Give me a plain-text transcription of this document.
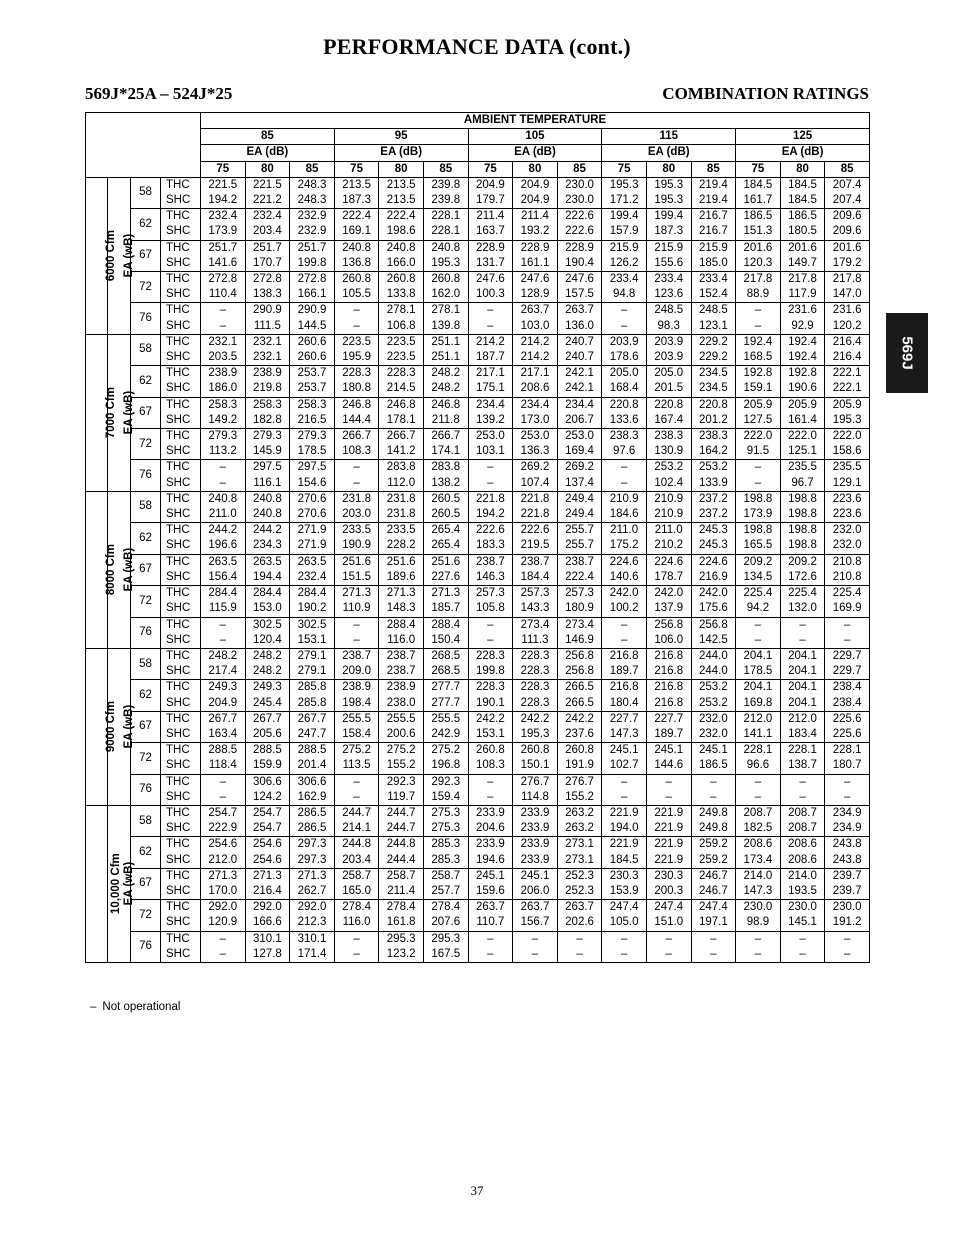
PERFORMANCE DATA (cont.)
569J*25A – 524J*25	COMBINATION RATINGS
569J
				AMBIENT TEMPERATURE														
				85			95			105			115			125		
				EA (dB)			EA (dB)			EA (dB)			EA (dB)			EA (dB)		
				75	80	85	75	80	85	75	80	85	75	80	85	75	80	85
6000 Cfm	EA (wB)	58	THC	221.5	221.5	248.3	213.5	213.5	239.8	204.9	204.9	230.0	195.3	195.3	219.4	184.5	184.5	207.4
			SHC	194.2	221.2	248.3	187.3	213.5	239.8	179.7	204.9	230.0	171.2	195.3	219.4	161.7	184.5	207.4
		62	THC	232.4	232.4	232.9	222.4	222.4	228.1	211.4	211.4	222.6	199.4	199.4	216.7	186.5	186.5	209.6
			SHC	173.9	203.4	232.9	169.1	198.6	228.1	163.7	193.2	222.6	157.9	187.3	216.7	151.3	180.5	209.6
		67	THC	251.7	251.7	251.7	240.8	240.8	240.8	228.9	228.9	228.9	215.9	215.9	215.9	201.6	201.6	201.6
			SHC	141.6	170.7	199.8	136.8	166.0	195.3	131.7	161.1	190.4	126.2	155.6	185.0	120.3	149.7	179.2
		72	THC	272.8	272.8	272.8	260.8	260.8	260.8	247.6	247.6	247.6	233.4	233.4	233.4	217.8	217.8	217.8
			SHC	110.4	138.3	166.1	105.5	133.8	162.0	100.3	128.9	157.5	94.8	123.6	152.4	88.9	117.9	147.0
		76	THC	–	290.9	290.9	–	278.1	278.1	–	263.7	263.7	–	248.5	248.5	–	231.6	231.6
			SHC	–	111.5	144.5	–	106.8	139.8	–	103.0	136.0	–	98.3	123.1	–	92.9	120.2
7000 Cfm	EA (wB)	58	THC	232.1	232.1	260.6	223.5	223.5	251.1	214.2	214.2	240.7	203.9	203.9	229.2	192.4	192.4	216.4
			SHC	203.5	232.1	260.6	195.9	223.5	251.1	187.7	214.2	240.7	178.6	203.9	229.2	168.5	192.4	216.4
		62	THC	238.9	238.9	253.7	228.3	228.3	248.2	217.1	217.1	242.1	205.0	205.0	234.5	192.8	192.8	222.1
			SHC	186.0	219.8	253.7	180.8	214.5	248.2	175.1	208.6	242.1	168.4	201.5	234.5	159.1	190.6	222.1
		67	THC	258.3	258.3	258.3	246.8	246.8	246.8	234.4	234.4	234.4	220.8	220.8	220.8	205.9	205.9	205.9
			SHC	149.2	182.8	216.5	144.4	178.1	211.8	139.2	173.0	206.7	133.6	167.4	201.2	127.5	161.4	195.3
		72	THC	279.3	279.3	279.3	266.7	266.7	266.7	253.0	253.0	253.0	238.3	238.3	238.3	222.0	222.0	222.0
			SHC	113.2	145.9	178.5	108.3	141.2	174.1	103.1	136.3	169.4	97.6	130.9	164.2	91.5	125.1	158.6
		76	THC	–	297.5	297.5	–	283.8	283.8	–	269.2	269.2	–	253.2	253.2	–	235.5	235.5
			SHC	–	116.1	154.6	–	112.0	138.2	–	107.4	137.4	–	102.4	133.9	–	96.7	129.1
8000 Cfm	EA (wB)	58	THC	240.8	240.8	270.6	231.8	231.8	260.5	221.8	221.8	249.4	210.9	210.9	237.2	198.8	198.8	223.6
			SHC	211.0	240.8	270.6	203.0	231.8	260.5	194.2	221.8	249.4	184.6	210.9	237.2	173.9	198.8	223.6
		62	THC	244.2	244.2	271.9	233.5	233.5	265.4	222.6	222.6	255.7	211.0	211.0	245.3	198.8	198.8	232.0
			SHC	196.6	234.3	271.9	190.9	228.2	265.4	183.3	219.5	255.7	175.2	210.2	245.3	165.5	198.8	232.0
		67	THC	263.5	263.5	263.5	251.6	251.6	251.6	238.7	238.7	238.7	224.6	224.6	224.6	209.2	209.2	210.8
			SHC	156.4	194.4	232.4	151.5	189.6	227.6	146.3	184.4	222.4	140.6	178.7	216.9	134.5	172.6	210.8
		72	THC	284.4	284.4	284.4	271.3	271.3	271.3	257.3	257.3	257.3	242.0	242.0	242.0	225.4	225.4	225.4
			SHC	115.9	153.0	190.2	110.9	148.3	185.7	105.8	143.3	180.9	100.2	137.9	175.6	94.2	132.0	169.9
		76	THC	–	302.5	302.5	–	288.4	288.4	–	273.4	273.4	–	256.8	256.8	–	–	–
			SHC	–	120.4	153.1	–	116.0	150.4	–	111.3	146.9	–	106.0	142.5	–	–	–
9000 Cfm	EA (wB)	58	THC	248.2	248.2	279.1	238.7	238.7	268.5	228.3	228.3	256.8	216.8	216.8	244.0	204.1	204.1	229.7
			SHC	217.4	248.2	279.1	209.0	238.7	268.5	199.8	228.3	256.8	189.7	216.8	244.0	178.5	204.1	229.7
		62	THC	249.3	249.3	285.8	238.9	238.9	277.7	228.3	228.3	266.5	216.8	216.8	253.2	204.1	204.1	238.4
			SHC	204.9	245.4	285.8	198.4	238.0	277.7	190.1	228.3	266.5	180.4	216.8	253.2	169.8	204.1	238.4
		67	THC	267.7	267.7	267.7	255.5	255.5	255.5	242.2	242.2	242.2	227.7	227.7	232.0	212.0	212.0	225.6
			SHC	163.4	205.6	247.7	158.4	200.6	242.9	153.1	195.3	237.6	147.3	189.7	232.0	141.1	183.4	225.6
		72	THC	288.5	288.5	288.5	275.2	275.2	275.2	260.8	260.8	260.8	245.1	245.1	245.1	228.1	228.1	228.1
			SHC	118.4	159.9	201.4	113.5	155.2	196.8	108.3	150.1	191.9	102.7	144.6	186.5	96.6	138.7	180.7
		76	THC	–	306.6	306.6	–	292.3	292.3	–	276.7	276.7	–	–	–	–	–	–
			SHC	–	124.2	162.9	–	119.7	159.4	–	114.8	155.2	–	–	–	–	–	–
10,000 Cfm	EA (wB)	58	THC	254.7	254.7	286.5	244.7	244.7	275.3	233.9	233.9	263.2	221.9	221.9	249.8	208.7	208.7	234.9
			SHC	222.9	254.7	286.5	214.1	244.7	275.3	204.6	233.9	263.2	194.0	221.9	249.8	182.5	208.7	234.9
		62	THC	254.6	254.6	297.3	244.8	244.8	285.3	233.9	233.9	273.1	221.9	221.9	259.2	208.6	208.6	243.8
			SHC	212.0	254.6	297.3	203.4	244.4	285.3	194.6	233.9	273.1	184.5	221.9	259.2	173.4	208.6	243.8
		67	THC	271.3	271.3	271.3	258.7	258.7	258.7	245.1	245.1	252.3	230.3	230.3	246.7	214.0	214.0	239.7
			SHC	170.0	216.4	262.7	165.0	211.4	257.7	159.6	206.0	252.3	153.9	200.3	246.7	147.3	193.5	239.7
		72	THC	292.0	292.0	292.0	278.4	278.4	278.4	263.7	263.7	263.7	247.4	247.4	247.4	230.0	230.0	230.0
			SHC	120.9	166.6	212.3	116.0	161.8	207.6	110.7	156.7	202.6	105.0	151.0	197.1	98.9	145.1	191.2
		76	THC	–	310.1	310.1	–	295.3	295.3	–	–	–	–	–	–	–	–	–
			SHC	–	127.8	171.4	–	123.2	167.5	–	–	–	–	–	–	–	–	–
– Not operational
37
